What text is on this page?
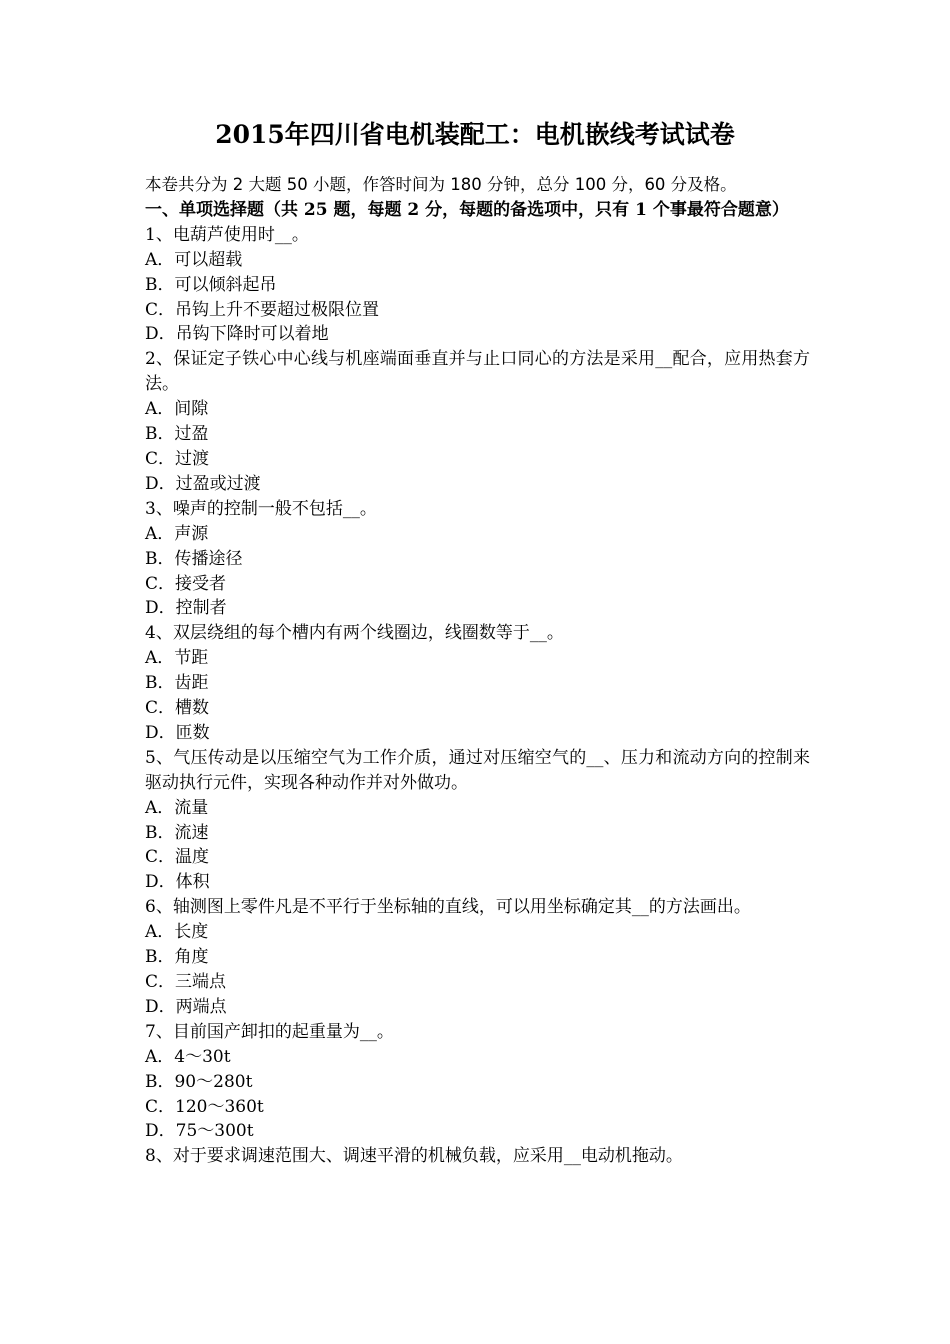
2015年四川省电机装配工：电机嵌线考试试卷
本卷共分为 2 大题 50 小题，作答时间为 180 分钟，总分 100 分，60 分及格。
一、单项选择题（共 25 题，每题 2 分，每题的备选项中，只有 1 个事最符合题意）
1、电葫芦使用时__。
A．可以超载
B．可以倾斜起吊
C．吊钩上升不要超过极限位置
D．吊钩下降时可以着地
2、保证定子铁心中心线与机座端面垂直并与止口同心的方法是采用__配合，应用热套方法。
A．间隙
B．过盈
C．过渡
D．过盈或过渡
3、噪声的控制一般不包括__。
A．声源
B．传播途径
C．接受者
D．控制者
4、双层绕组的每个槽内有两个线圈边，线圈数等于__。
A．节距
B．齿距
C．槽数
D．匝数
5、气压传动是以压缩空气为工作介质，通过对压缩空气的__、压力和流动方向的控制来驱动执行元件，实现各种动作并对外做功。
A．流量
B．流速
C．温度
D．体积
6、轴测图上零件凡是不平行于坐标轴的直线，可以用坐标确定其__的方法画出。
A．长度
B．角度
C．三端点
D．两端点
7、目前国产卸扣的起重量为__。
A．4～30t
B．90～280t
C．120～360t
D．75～300t
8、对于要求调速范围大、调速平滑的机械负载，应采用__电动机拖动。
